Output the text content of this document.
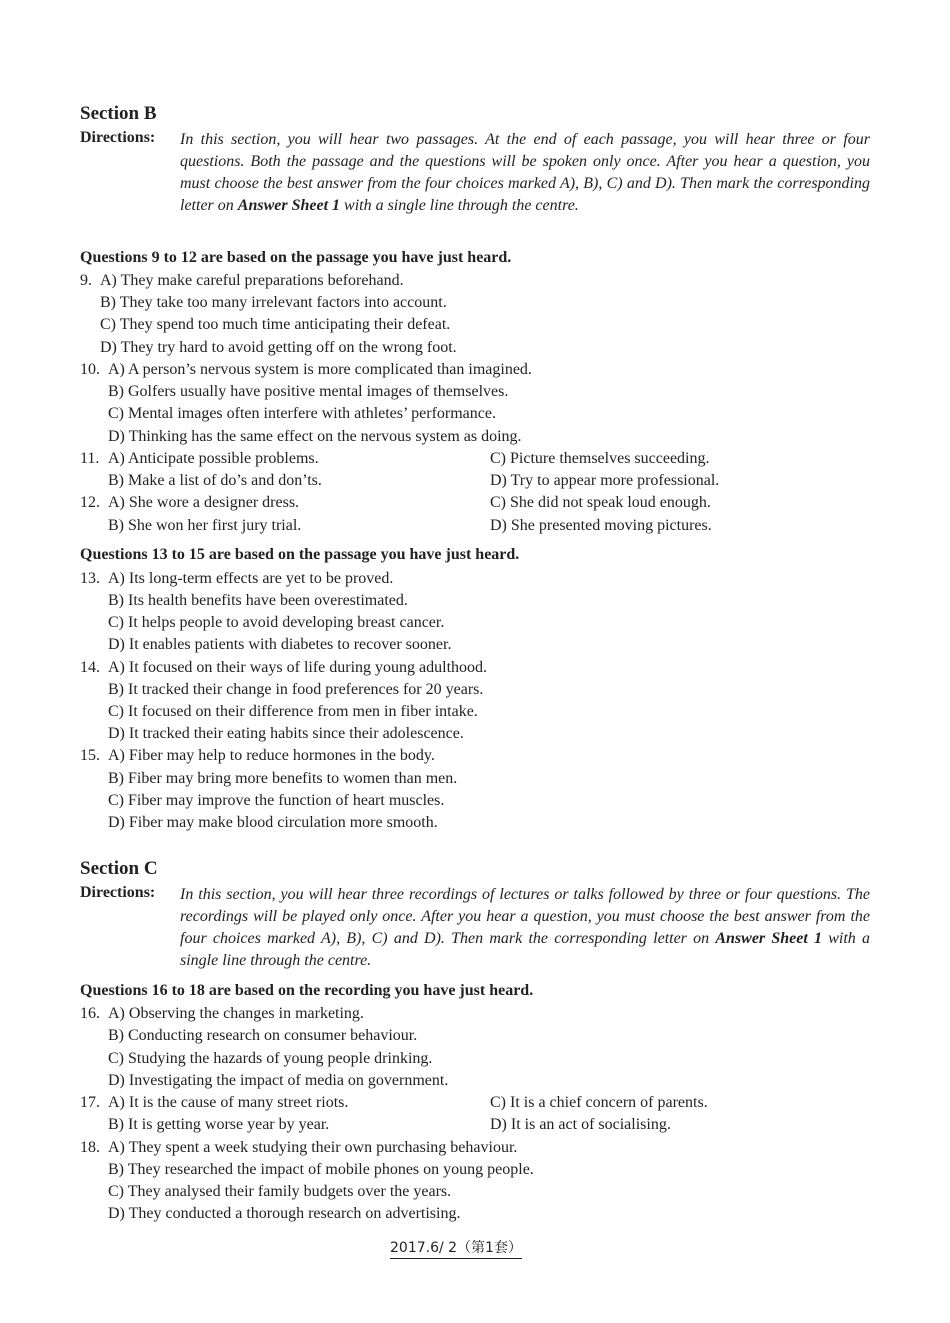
Section B
Directions: In this section, you will hear two passages. At the end of each passage, you will hear three or four questions. Both the passage and the questions will be spoken only once. After you hear a question, you must choose the best answer from the four choices marked A), B), C) and D). Then mark the corresponding letter on Answer Sheet 1 with a single line through the centre.
Questions 9 to 12 are based on the passage you have just heard.
9. A) They make careful preparations beforehand.
B) They take too many irrelevant factors into account.
C) They spend too much time anticipating their defeat.
D) They try hard to avoid getting off on the wrong foot.
10. A) A person’s nervous system is more complicated than imagined.
B) Golfers usually have positive mental images of themselves.
C) Mental images often interfere with athletes’ performance.
D) Thinking has the same effect on the nervous system as doing.
11. A) Anticipate possible problems.	C) Picture themselves succeeding.
B) Make a list of do’s and don’ts.	D) Try to appear more professional.
12. A) She wore a designer dress.	C) She did not speak loud enough.
B) She won her first jury trial.	D) She presented moving pictures.
Questions 13 to 15 are based on the passage you have just heard.
13. A) Its long-term effects are yet to be proved.
B) Its health benefits have been overestimated.
C) It helps people to avoid developing breast cancer.
D) It enables patients with diabetes to recover sooner.
14. A) It focused on their ways of life during young adulthood.
B) It tracked their change in food preferences for 20 years.
C) It focused on their difference from men in fiber intake.
D) It tracked their eating habits since their adolescence.
15. A) Fiber may help to reduce hormones in the body.
B) Fiber may bring more benefits to women than men.
C) Fiber may improve the function of heart muscles.
D) Fiber may make blood circulation more smooth.
Section C
Directions: In this section, you will hear three recordings of lectures or talks followed by three or four questions. The recordings will be played only once. After you hear a question, you must choose the best answer from the four choices marked A), B), C) and D). Then mark the corresponding letter on Answer Sheet 1 with a single line through the centre.
Questions 16 to 18 are based on the recording you have just heard.
16. A) Observing the changes in marketing.
B) Conducting research on consumer behaviour.
C) Studying the hazards of young people drinking.
D) Investigating the impact of media on government.
17. A) It is the cause of many street riots.	C) It is a chief concern of parents.
B) It is getting worse year by year.	D) It is an act of socialising.
18. A) They spent a week studying their own purchasing behaviour.
B) They researched the impact of mobile phones on young people.
C) They analysed their family budgets over the years.
D) They conducted a thorough research on advertising.
2017.6/ 2（第1套）
